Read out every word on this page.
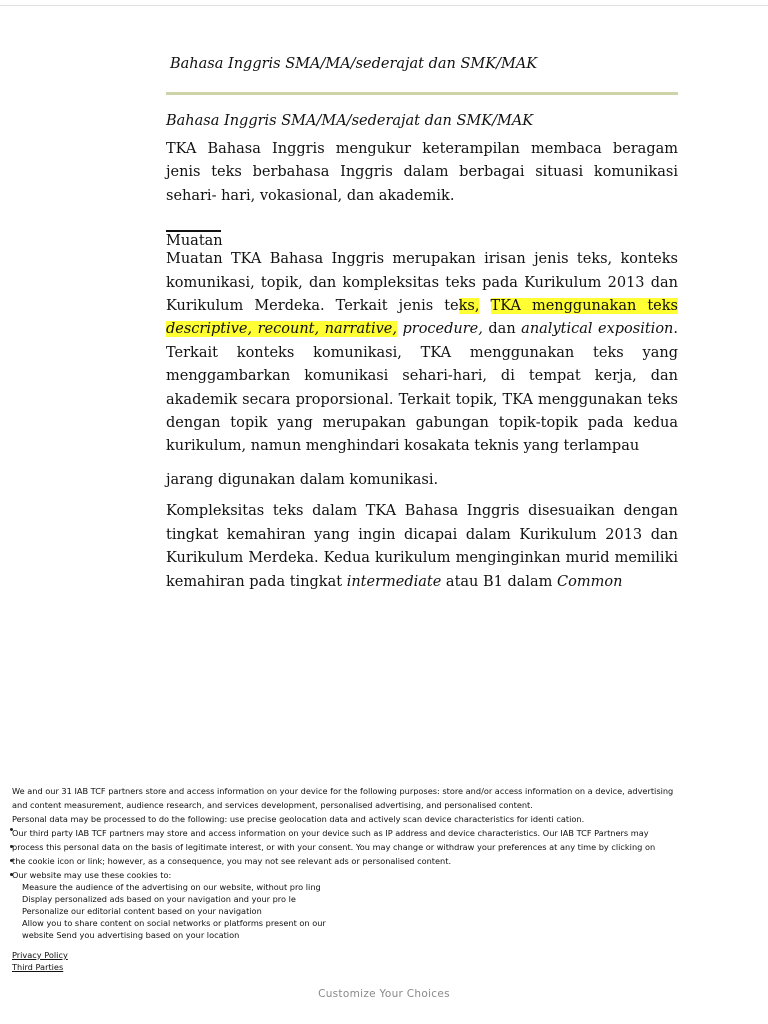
Bahasa Inggris SMA/MA/sederajat dan SMK/MAK

Bahasa Inggris SMA/MA/sederajat dan SMK/MAK

TKA Bahasa Inggris mengukur keterampilan membaca beragam jenis teks berbahasa Inggris dalam berbagai situasi komunikasi sehari- hari, vokasional, dan akademik.

Muatan

Muatan TKA Bahasa Inggris merupakan irisan jenis teks, konteks komunikasi, topik, dan kompleksitas teks pada Kurikulum 2013 dan Kurikulum Merdeka. Terkait jenis teks, TKA menggunakan teks descriptive, recount, narrative, procedure, dan analytical exposition. Terkait konteks komunikasi, TKA menggunakan teks yang menggambarkan komunikasi sehari-hari, di tempat kerja, dan akademik secara proporsional. Terkait topik, TKA menggunakan teks dengan topik yang merupakan gabungan topik-topik pada kedua kurikulum, namun menghindari kosakata teknis yang terlampau

jarang digunakan dalam komunikasi.

Kompleksitas teks dalam TKA Bahasa Inggris disesuaikan dengan tingkat kemahiran yang ingin dicapai dalam Kurikulum 2013 dan Kurikulum Merdeka. Kedua kurikulum menginginkan murid memiliki kemahiran pada tingkat intermediate atau B1 dalam Common

We and our 31 IAB TCF partners store and access information on your device for the following purposes: store and/or access information on a device, advertising
and content measurement, audience research, and services development, personalised advertising, and personalised content.
Personal data may be processed to do the following: use precise geolocation data and actively scan device characteristics for identi cation.
Our third party IAB TCF partners may store and access information on your device such as IP address and device characteristics. Our IAB TCF Partners may
process this personal data on the basis of legitimate interest, or with your consent. You may change or withdraw your preferences at any time by clicking on
the cookie icon or link; however, as a consequence, you may not see relevant ads or personalised content.
Our website may use these cookies to:
Measure the audience of the advertising on our website, without pro ling
Display personalized ads based on your navigation and your pro le
Personalize our editorial content based on your navigation
Allow you to share content on social networks or platforms present on our
website Send you advertising based on your location
Privacy Policy
Third Parties
Customize Your Choices
